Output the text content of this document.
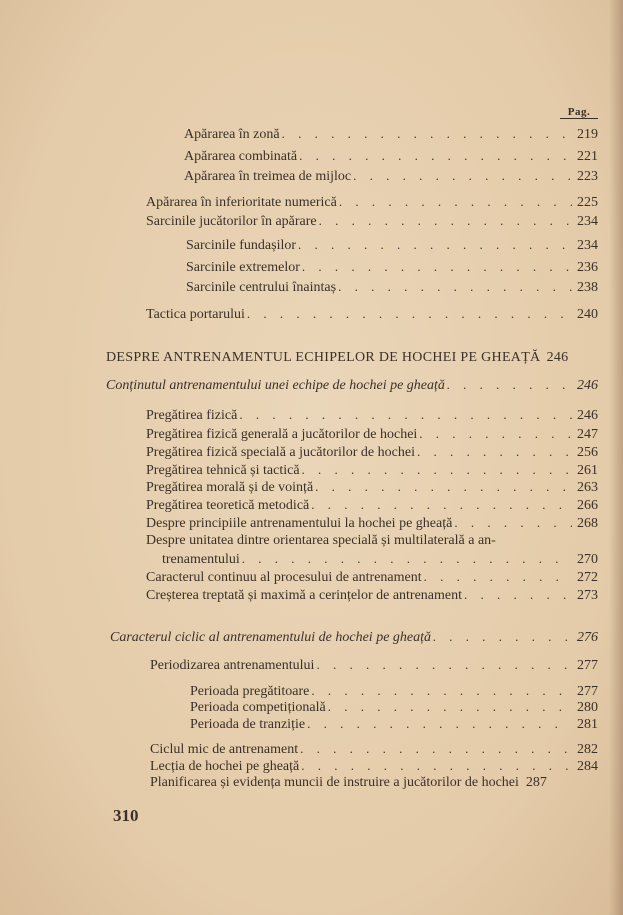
Pag.
Apărarea în zonă . . .	219
Apărarea combinată . . .	221
Apărarea în treimea de mijloc . . .	223
Apărarea în inferioritate numerică . . .	225
Sarcinile jucătorilor în apărare . . .	234
Sarcinile fundașilor . . .	234
Sarcinile extremelor . . .	236
Sarcinile centrului înaintaș . . .	238
Tactica portarului . . .	240
DESPRE ANTRENAMENTUL ECHIPELOR DE HOCHEI PE GHEAȚĂ 246
Conținutul antrenamentului unei echipe de hochei pe gheață . . .	246
Pregătirea fizică . . .	246
Pregătirea fizică generală a jucătorilor de hochei . . .	247
Pregătirea fizică specială a jucătorilor de hochei . . .	256
Pregătirea tehnică și tactică . . .	261
Pregătirea morală și de voință . . .	263
Pregătirea teoretică metodică . . .	266
Despre principiile antrenamentului la hochei pe gheață . . .	268
Despre unitatea dintre orientarea specială și multilaterală a an-
trenamentului . . .	270
Caracterul continuu al procesului de antrenament . . .	272
Creșterea treptată și maximă a cerințelor de antrenament . . .	273
Caracterul ciclic al antrenamentului de hochei pe gheață . . .	276
Periodizarea antrenamentului . . .	277
Perioada pregătitoare . . .	277
Perioada competițională . . .	280
Perioada de tranziție . . .	281
Ciclul mic de antrenament . . .	282
Lecția de hochei pe gheață . . .	284
Planificarea și evidența muncii de instruire a jucătorilor de hochei 287
310
